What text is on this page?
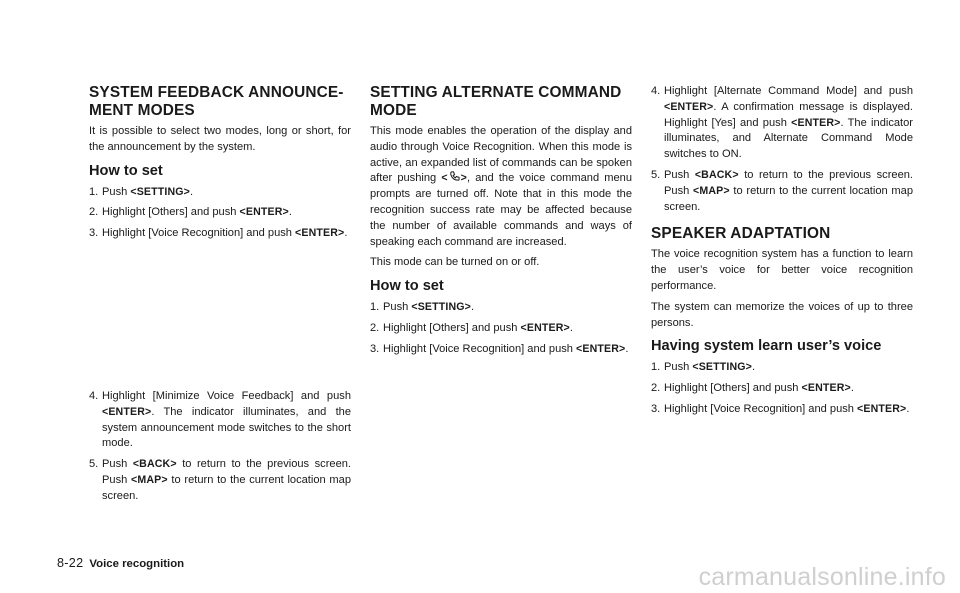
SYSTEM FEEDBACK ANNOUNCE-
MENT MODES

It is possible to select two modes, long or short, for the announcement by the system.

How to set
1. Push <SETTING>.
2. Highlight [Others] and push <ENTER>.
3. Highlight [Voice Recognition] and push <ENTER>.
4. Highlight [Minimize Voice Feedback] and push <ENTER>. The indicator illuminates, and the system announcement mode switches to the short mode.
5. Push <BACK> to return to the previous screen. Push <MAP> to return to the current location map screen.
SETTING ALTERNATE COMMAND
MODE

This mode enables the operation of the display and audio through Voice Recognition. When this mode is active, an expanded list of commands can be spoken after pushing < >, and the voice command menu prompts are turned off. Note that in this mode the recognition success rate may be affected because the number of available commands and ways of speaking each command are increased.

This mode can be turned on or off.

How to set
1. Push <SETTING>.
2. Highlight [Others] and push <ENTER>.
3. Highlight [Voice Recognition] and push <ENTER>.
4. Highlight [Alternate Command Mode] and push <ENTER>. A confirmation message is displayed. Highlight [Yes] and push <ENTER>. The indicator illuminates, and Alternate Command Mode switches to ON.
5. Push <BACK> to return to the previous screen. Push <MAP> to return to the current location map screen.
SPEAKER ADAPTATION

The voice recognition system has a function to learn the user’s voice for better voice recognition performance.

The system can memorize the voices of up to three persons.

Having system learn user’s voice
1. Push <SETTING>.
2. Highlight [Others] and push <ENTER>.
3. Highlight [Voice Recognition] and push <ENTER>.
8-22 Voice recognition	carmanualsonline.info
